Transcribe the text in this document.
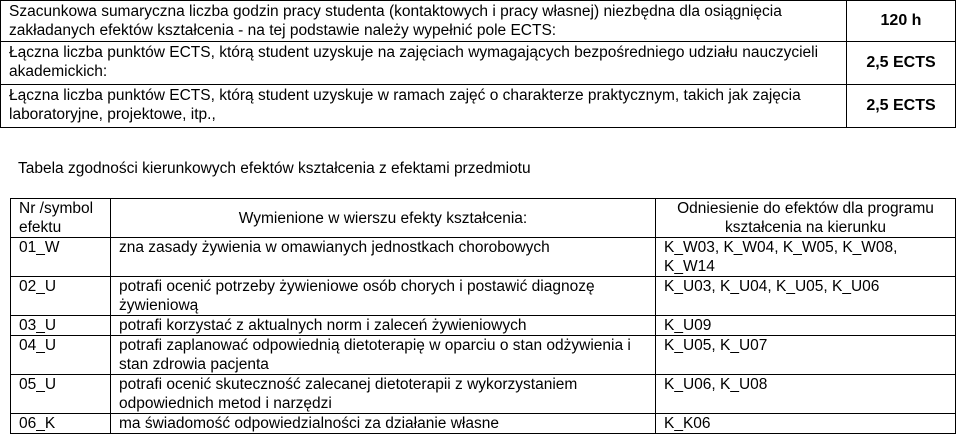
Szacunkowa sumaryczna liczba godzin pracy studenta (kontaktowych i pracy własnej) niezbędna dla osiągnięcia zakładanych efektów kształcenia - na tej podstawie należy wypełnić pole ECTS:	120 h
Łączna liczba punktów ECTS, którą student uzyskuje na zajęciach wymagających bezpośredniego udziału nauczycieli akademickich:	2,5 ECTS
Łączna liczba punktów ECTS, którą student uzyskuje w ramach zajęć o charakterze praktycznym, takich jak zajęcia laboratoryjne, projektowe, itp.,	2,5 ECTS
Tabela zgodności kierunkowych efektów kształcenia z efektami przedmiotu
Nr /symbol efektu	Wymienione w wierszu efekty kształcenia:	Odniesienie do efektów dla programu kształcenia na kierunku
01_W	zna zasady żywienia w omawianych jednostkach chorobowych	K_W03, K_W04, K_W05, K_W08, K_W14
02_U	potrafi ocenić potrzeby żywieniowe osób chorych i postawić diagnozę żywieniową	K_U03, K_U04, K_U05, K_U06
03_U	potrafi korzystać z aktualnych norm i zaleceń żywieniowych	K_U09
04_U	potrafi zaplanować odpowiednią dietoterapię w oparciu o stan odżywienia i stan zdrowia pacjenta	K_U05, K_U07
05_U	potrafi ocenić skuteczność zalecanej dietoterapii z wykorzystaniem odpowiednich metod i narzędzi	K_U06, K_U08
06_K	ma świadomość odpowiedzialności za działanie własne	K_K06
